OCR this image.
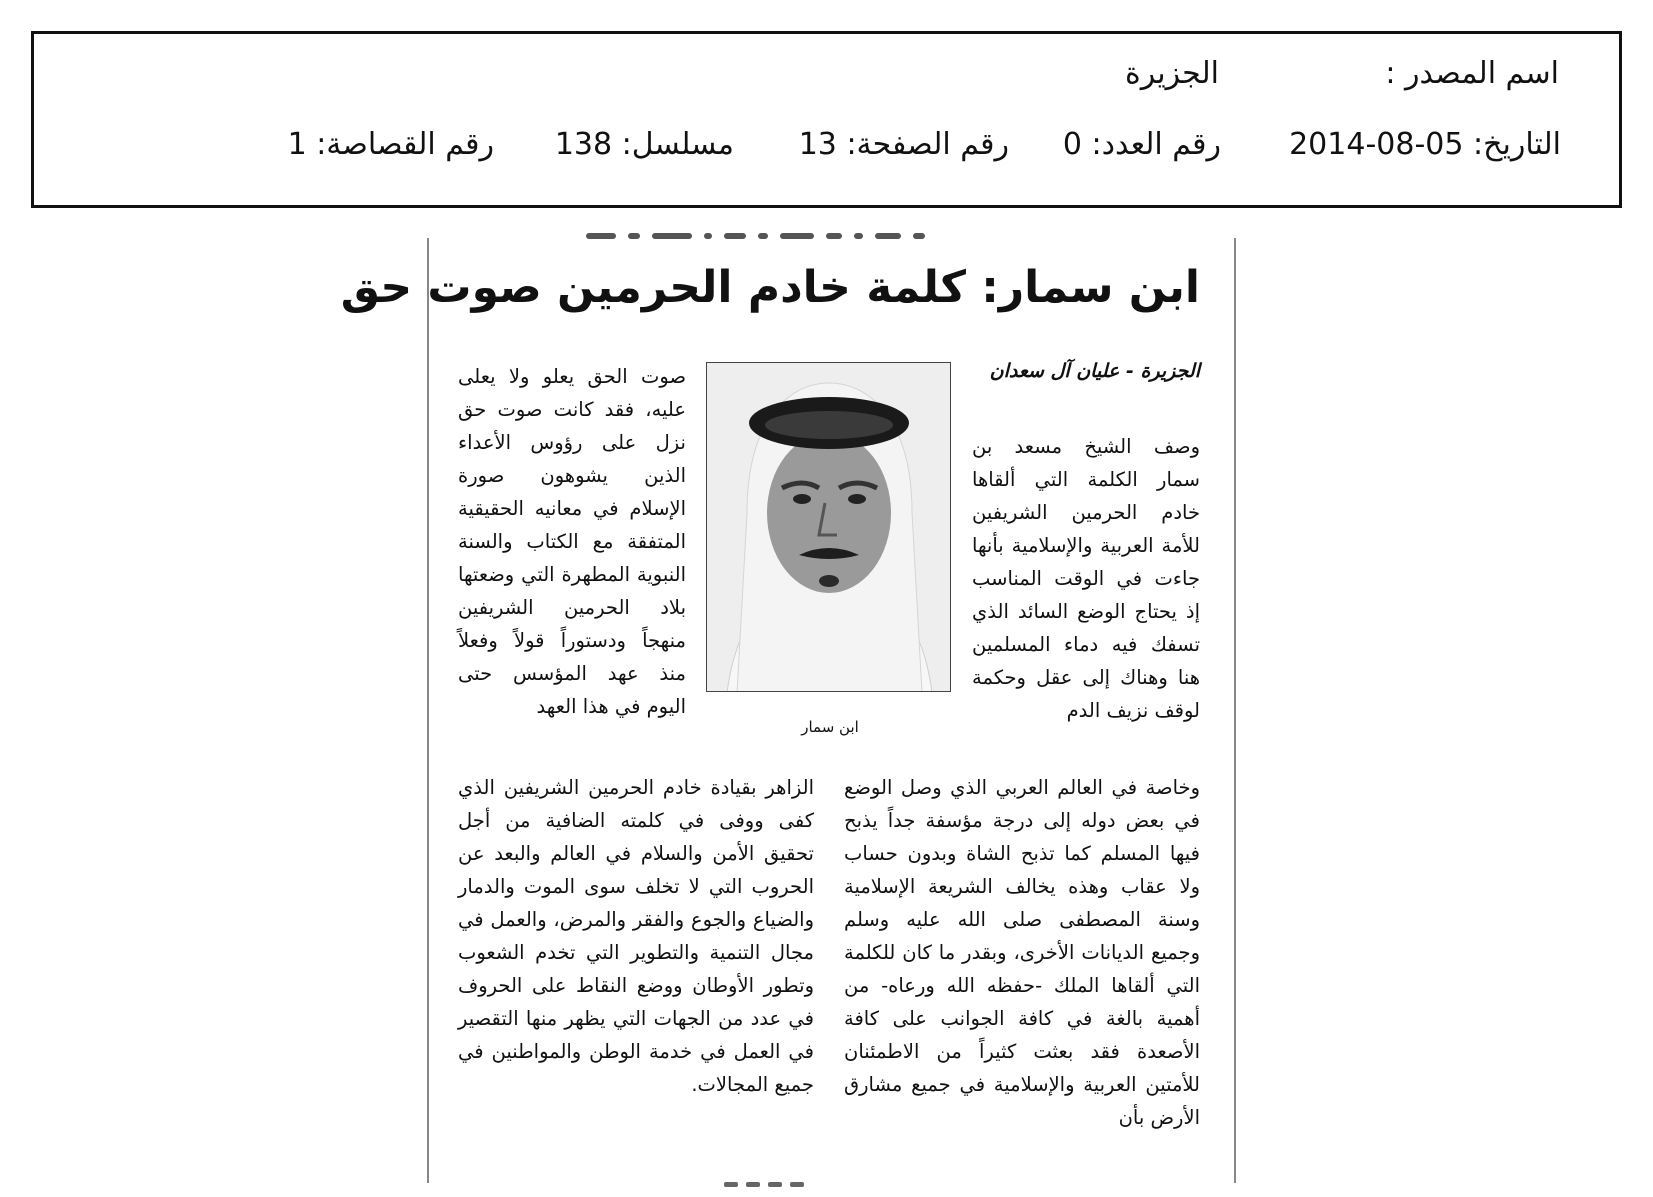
اسم المصدر :
الجزيرة
التاريخ: 05-08-2014
رقم العدد: 0
رقم الصفحة: 13
مسلسل: 138
رقم القصاصة: 1
ابن سمار: كلمة خادم الحرمين صوت حق
الجزيرة - عليان آل سعدان

وصف الشيخ مسعد بن سمار الكلمة التي ألقاها خادم الحرمين الشريفين للأمة العربية والإسلامية بأنها جاءت في الوقت المناسب إذ يحتاج الوضع السائد الذي تسفك فيه دماء المسلمين هنا وهناك إلى عقل وحكمة لوقف نزيف الدم

ابن سمار

صوت الحق يعلو ولا يعلى عليه، فقد كانت صوت حق نزل على رؤوس الأعداء الذين يشوهون صورة الإسلام في معانيه الحقيقية المتفقة مع الكتاب والسنة النبوية المطهرة التي وضعتها بلاد الحرمين الشريفين منهجاً ودستوراً قولاً وفعلاً منذ عهد المؤسس حتى اليوم في هذا العهد

وخاصة في العالم العربي الذي وصل الوضع في بعض دوله إلى درجة مؤسفة جداً يذبح فيها المسلم كما تذبح الشاة وبدون حساب ولا عقاب وهذه يخالف الشريعة الإسلامية وسنة المصطفى صلى الله عليه وسلم وجميع الديانات الأخرى، وبقدر ما كان للكلمة التي ألقاها الملك -حفظه الله ورعاه- من أهمية بالغة في كافة الجوانب على كافة الأصعدة فقد بعثت كثيراً من الاطمئنان للأمتين العربية والإسلامية في جميع مشارق الأرض بأن

الزاهر بقيادة خادم الحرمين الشريفين الذي كفى ووفى في كلمته الضافية من أجل تحقيق الأمن والسلام في العالم والبعد عن الحروب التي لا تخلف سوى الموت والدمار والضياع والجوع والفقر والمرض، والعمل في مجال التنمية والتطوير التي تخدم الشعوب وتطور الأوطان ووضع النقاط على الحروف في عدد من الجهات التي يظهر منها التقصير في العمل في خدمة الوطن والمواطنين في جميع المجالات.
